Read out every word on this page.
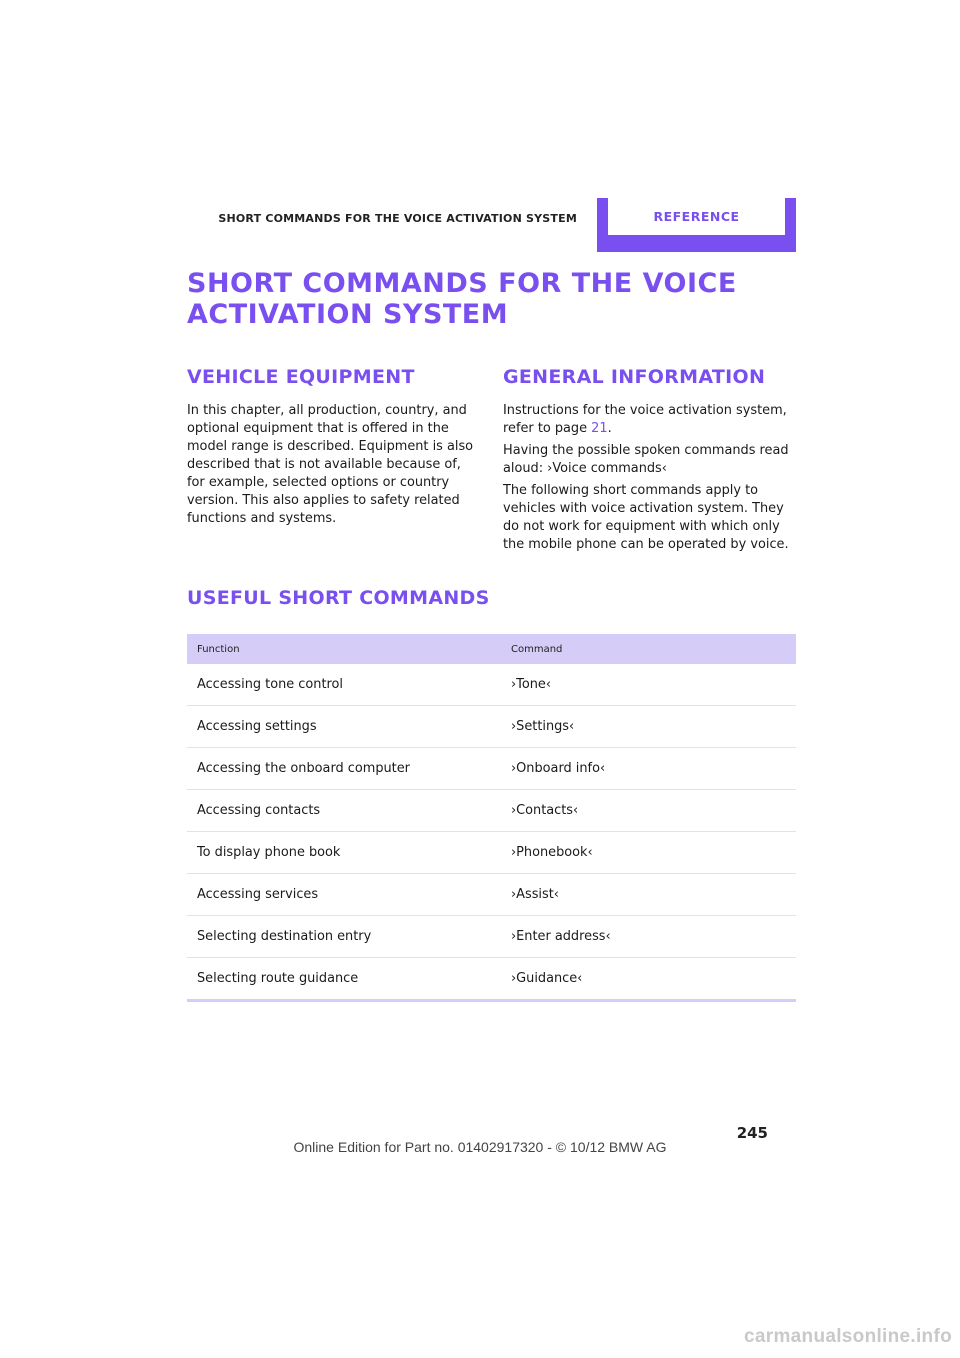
SHORT COMMANDS FOR THE VOICE ACTIVATION SYSTEM	REFERENCE
SHORT COMMANDS FOR THE VOICE
ACTIVATION SYSTEM
VEHICLE EQUIPMENT

In this chapter, all production, country, and optional equipment that is offered in the model range is described. Equipment is also described that is not available because of, for example, selected options or country version. This also applies to safety related functions and systems.

GENERAL INFORMATION

Instructions for the voice activation system, refer to page 21.

Having the possible spoken commands read aloud: ›Voice commands‹

The following short commands apply to vehicles with voice activation system. They do not work for equipment with which only the mobile phone can be operated by voice.

USEFUL SHORT COMMANDS
Function	Command
Accessing tone control	›Tone‹
Accessing settings	›Settings‹
Accessing the onboard computer	›Onboard info‹
Accessing contacts	›Contacts‹
To display phone book	›Phonebook‹
Accessing services	›Assist‹
Selecting destination entry	›Enter address‹
Selecting route guidance	›Guidance‹
245
Online Edition for Part no. 01402917320 - © 10/12 BMW AG
carmanualsonline.info
